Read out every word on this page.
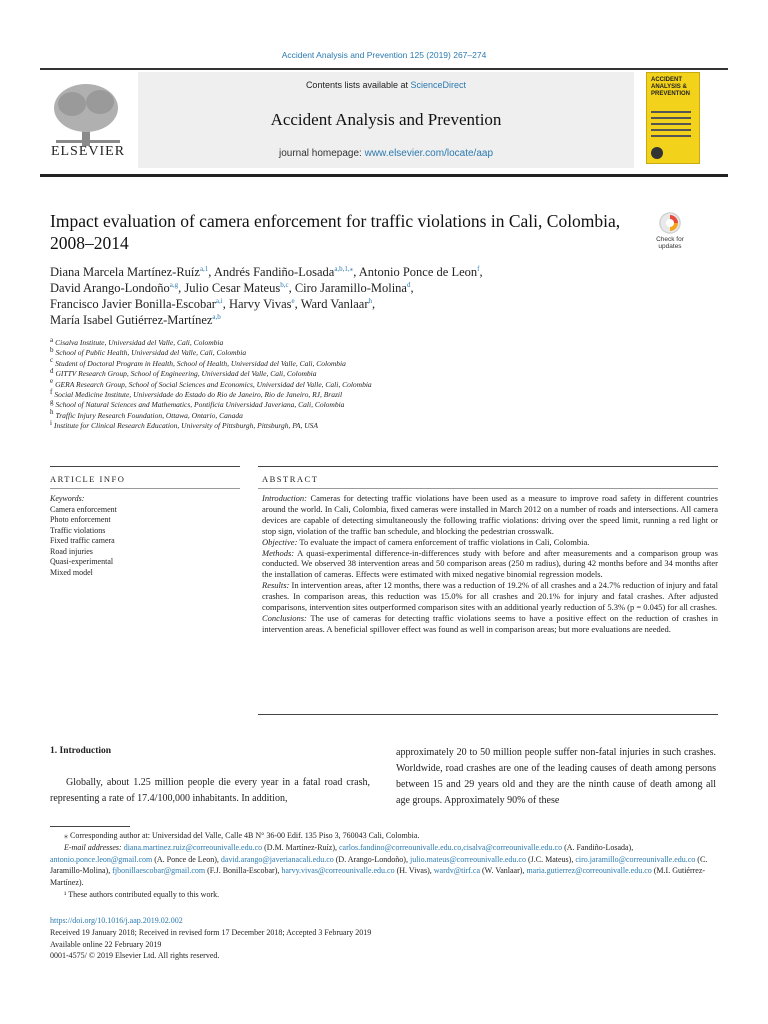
Accident Analysis and Prevention 125 (2019) 267–274
ELSEVIER
Contents lists available at ScienceDirect
Accident Analysis and Prevention
journal homepage: www.elsevier.com/locate/aap
ACCIDENT ANALYSIS & PREVENTION
Impact evaluation of camera enforcement for traffic violations in Cali, Colombia, 2008–2014	Check for updates
Diana Marcela Martínez-Ruíz$^{a,1}$, Andrés Fandiño-Losada$^{a,b,1,⁎}$, Antonio Ponce de Leon$^f$,
David Arango-Londoño$^{a,g}$, Julio Cesar Mateus$^{b,c}$, Ciro Jaramillo-Molina$^d$,
Francisco Javier Bonilla-Escobar$^{a,i}$, Harvy Vivas$^e$, Ward Vanlaar$^h$,
María Isabel Gutiérrez-Martínez$^{a,b}$
$^a$ Cisalva Institute, Universidad del Valle, Cali, Colombia
$^b$ School of Public Health, Universidad del Valle, Cali, Colombia
$^c$ Student of Doctoral Program in Health, School of Health, Universidad del Valle, Cali, Colombia
$^d$ GITTV Research Group, School of Engineering, Universidad del Valle, Cali, Colombia
$^e$ GERA Research Group, School of Social Sciences and Economics, Universidad del Valle, Cali, Colombia
$^f$ Social Medicine Institute, Universidade do Estado do Rio de Janeiro, Rio de Janeiro, RJ, Brazil
$^g$ School of Natural Sciences and Mathematics, Pontificia Universidad Javeriana, Cali, Colombia
$^h$ Traffic Injury Research Foundation, Ottawa, Ontario, Canada
$^i$ Institute for Clinical Research Education, University of Pittsburgh, Pittsburgh, PA, USA
ARTICLE INFO	ABSTRACT
Keywords:
Camera enforcement
Photo enforcement
Traffic violations
Fixed traffic camera
Road injuries
Quasi-experimental
Mixed model

Introduction: Cameras for detecting traffic violations have been used as a measure to improve road safety in different countries around the world. In Cali, Colombia, fixed cameras were installed in March 2012 on a number of roads and intersections. All camera devices are capable of detecting simultaneously the following traffic violations: driving over the speed limit, running a red light or stop sign, violation of the traffic ban schedule, and blocking the pedestrian crosswalk.

Objective: To evaluate the impact of camera enforcement of traffic violations in Cali, Colombia.

Methods: A quasi-experimental difference-in-differences study with before and after measurements and a comparison group was conducted. We observed 38 intervention areas and 50 comparison areas (250 m radius), during 42 months before and 34 months after the installation of cameras. Effects were estimated with mixed negative binomial regression models.

Results: In intervention areas, after 12 months, there was a reduction of 19.2% of all crashes and a 24.7% reduction of injury and fatal crashes. In comparison areas, this reduction was 15.0% for all crashes and 20.1% for injury and fatal crashes. After adjusted comparisons, intervention sites outperformed comparison sites with an additional yearly reduction of 5.3% (p = 0.045) for all crashes.

Conclusions: The use of cameras for detecting traffic violations seems to have a positive effect on the reduction of crashes in intervention areas. A beneficial spillover effect was found as well in comparison areas; but more evaluations are needed.

1. Introduction
Globally, about 1.25 million people die every year in a fatal road crash, representing a rate of 17.4/100,000 inhabitants. In addition,
approximately 20 to 50 million people suffer non-fatal injuries in such crashes. Worldwide, road crashes are one of the leading causes of death among persons between 15 and 29 years old and they are the ninth cause of death among all age groups. Approximately 90% of these
⁎ Corresponding author at: Universidad del Valle, Calle 4B N° 36-00 Edif. 135 Piso 3, 760043 Cali, Colombia.
E-mail addresses: diana.martinez.ruiz@correounivalle.edu.co (D.M. Martínez-Ruíz), carlos.fandino@correounivalle.edu.co,cisalva@correounivalle.edu.co (A. Fandiño-Losada), antonio.ponce.leon@gmail.com (A. Ponce de Leon), david.arango@javerianacali.edu.co (D. Arango-Londoño), julio.mateus@correounivalle.edu.co (J.C. Mateus), ciro.jaramillo@correounivalle.edu.co (C. Jaramillo-Molina), fjbonillaescobar@gmail.com (F.J. Bonilla-Escobar), harvy.vivas@correounivalle.edu.co (H. Vivas), wardv@tirf.ca (W. Vanlaar), maria.gutierrez@correounivalle.edu.co (M.I. Gutiérrez-Martínez).
¹ These authors contributed equally to this work.
https://doi.org/10.1016/j.aap.2019.02.002
Received 19 January 2018; Received in revised form 17 December 2018; Accepted 3 February 2019
Available online 22 February 2019
0001-4575/ © 2019 Elsevier Ltd. All rights reserved.
